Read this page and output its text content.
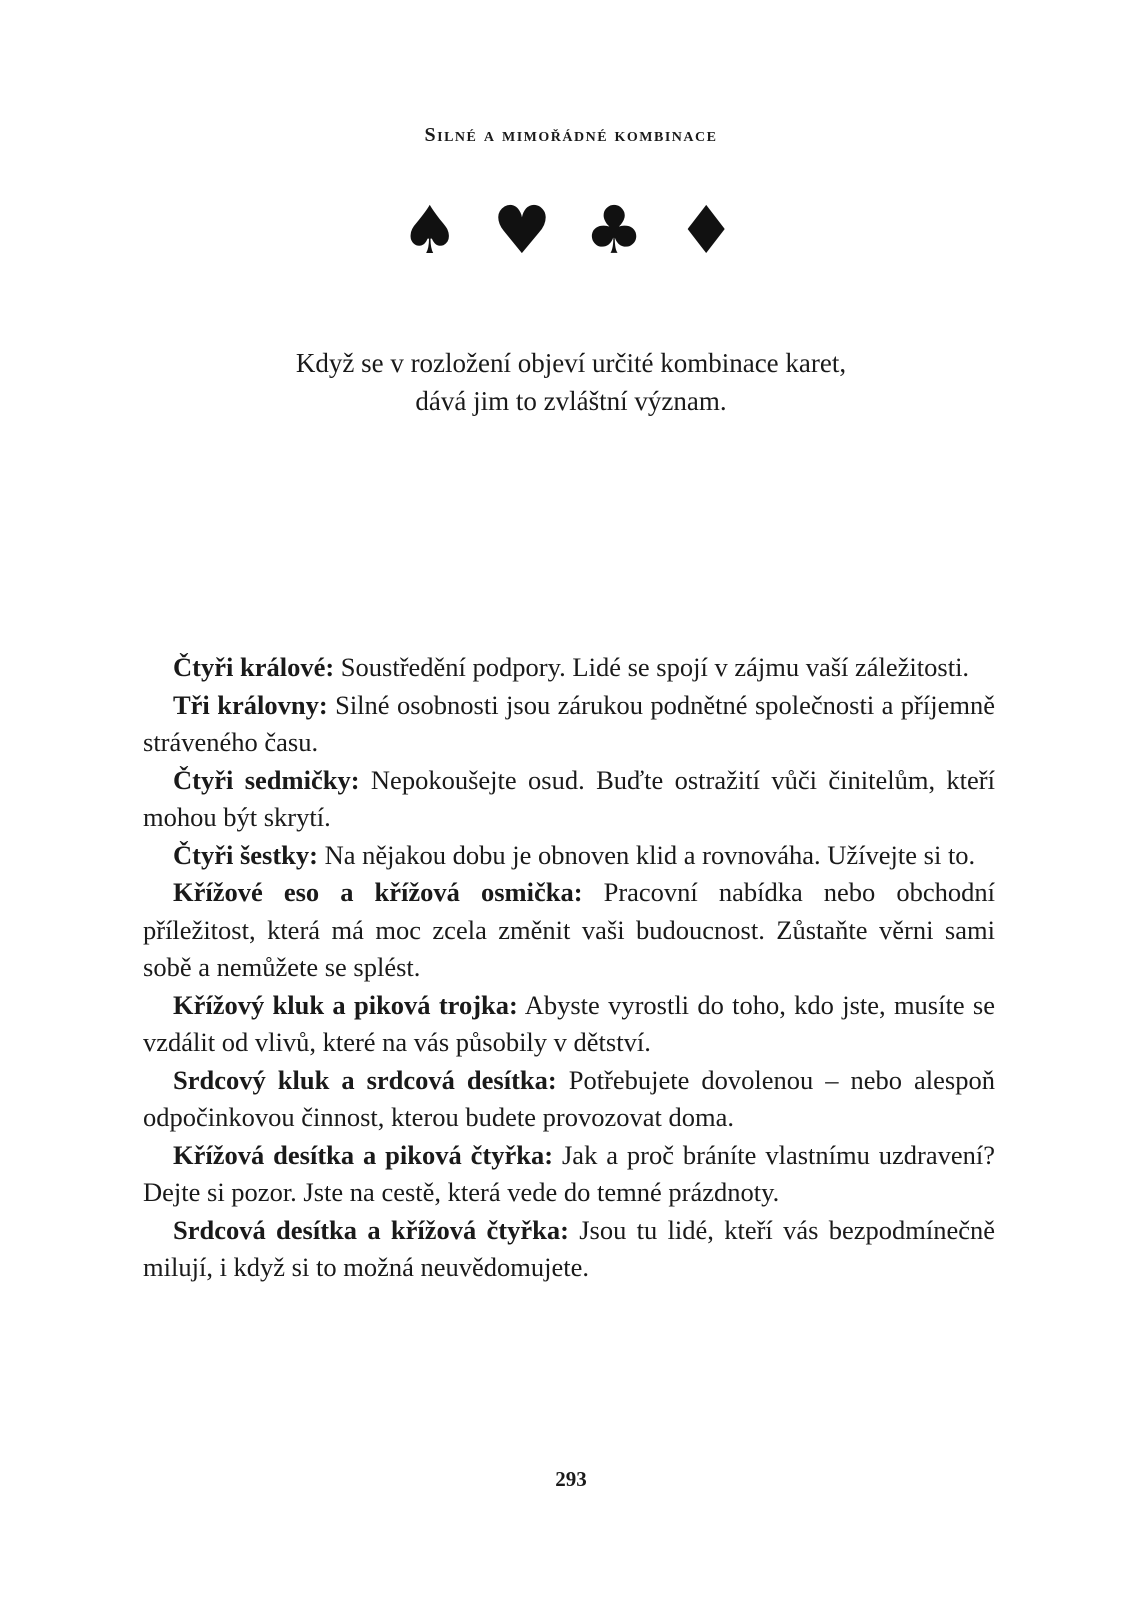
Silné a mimořádné kombinace
♠ ♥ ♣ ♦

Když se v rozložení objeví určité kombinace karet,

dává jim to zvláštní význam.

Čtyři králové: Soustředění podpory. Lidé se spojí v zájmu vaší záležitosti.

Tři královny: Silné osobnosti jsou zárukou podnětné společnosti a příjemně stráveného času.

Čtyři sedmičky: Nepokoušejte osud. Buďte ostražití vůči činitelům, kteří mohou být skrytí.

Čtyři šestky: Na nějakou dobu je obnoven klid a rovnováha. Užívejte si to.

Křížové eso a křížová osmička: Pracovní nabídka nebo obchodní příležitost, která má moc zcela změnit vaši budoucnost. Zůstaňte věrni sami sobě a nemůžete se splést.

Křížový kluk a piková trojka: Abyste vyrostli do toho, kdo jste, musíte se vzdálit od vlivů, které na vás působily v dětství.

Srdcový kluk a srdcová desítka: Potřebujete dovolenou – nebo alespoň odpočinkovou činnost, kterou budete provozovat doma.

Křížová desítka a piková čtyřka: Jak a proč bráníte vlastnímu uzdravení? Dejte si pozor. Jste na cestě, která vede do temné prázdnoty.

Srdcová desítka a křížová čtyřka: Jsou tu lidé, kteří vás bezpodmínečně milují, i když si to možná neuvědomujete.

293
